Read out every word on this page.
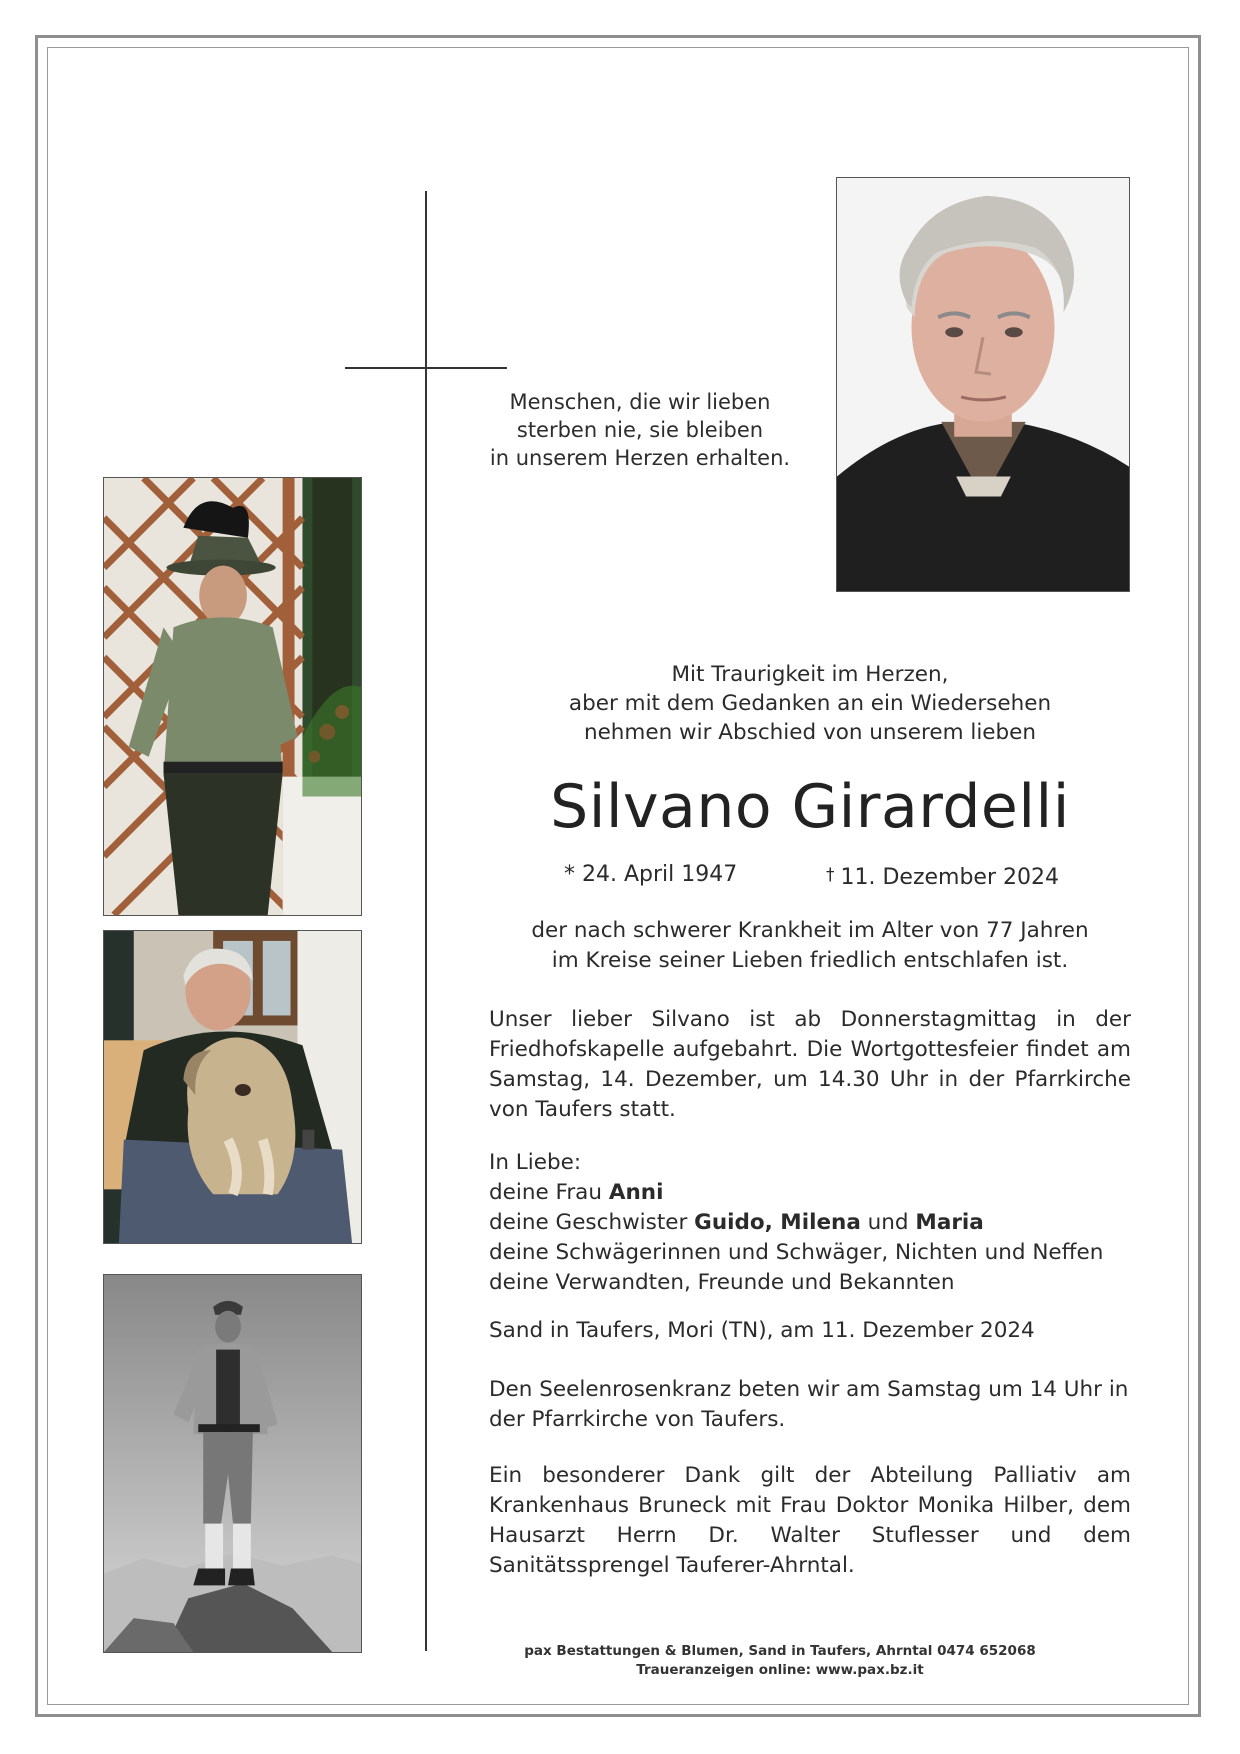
Menschen, die wir lieben
sterben nie, sie bleiben
in unserem Herzen erhalten.
Mit Traurigkeit im Herzen,
aber mit dem Gedanken an ein Wiedersehen
nehmen wir Abschied von unserem lieben
Silvano Girardelli
* 24. April 1947	† 11. Dezember 2024
der nach schwerer Krankheit im Alter von 77 Jahren
im Kreise seiner Lieben friedlich entschlafen ist.
Unser lieber Silvano ist ab Donnerstagmittag in der Friedhofskapelle aufgebahrt. Die Wortgottesfeier findet am Samstag, 14. Dezember, um 14.30 Uhr in der Pfarrkirche von Taufers statt.
In Liebe:
deine Frau Anni
deine Geschwister Guido, Milena und Maria
deine Schwägerinnen und Schwäger, Nichten und Neffen
deine Verwandten, Freunde und Bekannten
Sand in Taufers, Mori (TN), am 11. Dezember 2024
Den Seelenrosenkranz beten wir am Samstag um 14 Uhr in der Pfarrkirche von Taufers.
Ein besonderer Dank gilt der Abteilung Palliativ am Krankenhaus Bruneck mit Frau Doktor Monika Hilber, dem Hausarzt Herrn Dr. Walter Stuflesser und dem Sanitätssprengel Tauferer-Ahrntal.
pax Bestattungen & Blumen, Sand in Taufers, Ahrntal 0474 652068
Traueranzeigen online: www.pax.bz.it
